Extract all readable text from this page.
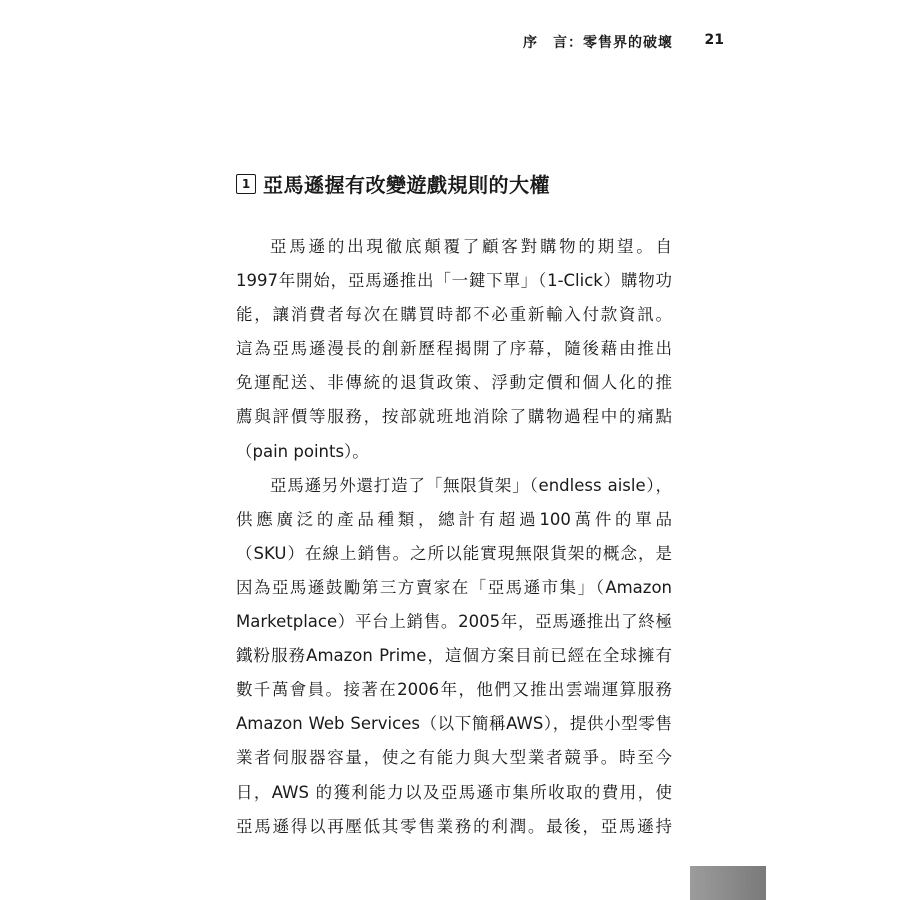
序　言：零售界的破壞 21
1 亞馬遜握有改變遊戲規則的大權
亞馬遜的出現徹底顛覆了顧客對購物的期望。自
1997年開始，亞馬遜推出「一鍵下單」（1-Click）購物功
能，讓消費者每次在購買時都不必重新輸入付款資訊。
這為亞馬遜漫長的創新歷程揭開了序幕，隨後藉由推出
免運配送、非傳統的退貨政策、浮動定價和個人化的推
薦與評價等服務，按部就班地消除了購物過程中的痛點
（pain points）。
亞馬遜另外還打造了「無限貨架」（endless aisle），
供應廣泛的產品種類，總計有超過100萬件的單品
（SKU）在線上銷售。之所以能實現無限貨架的概念，是
因為亞馬遜鼓勵第三方賣家在「亞馬遜市集」（Amazon
Marketplace）平台上銷售。2005年，亞馬遜推出了終極
鐵粉服務Amazon Prime，這個方案目前已經在全球擁有
數千萬會員。接著在2006年，他們又推出雲端運算服務
Amazon Web Services（以下簡稱AWS），提供小型零售
業者伺服器容量，使之有能力與大型業者競爭。時至今
日，AWS 的獲利能力以及亞馬遜市集所收取的費用，使
亞馬遜得以再壓低其零售業務的利潤。最後，亞馬遜持
